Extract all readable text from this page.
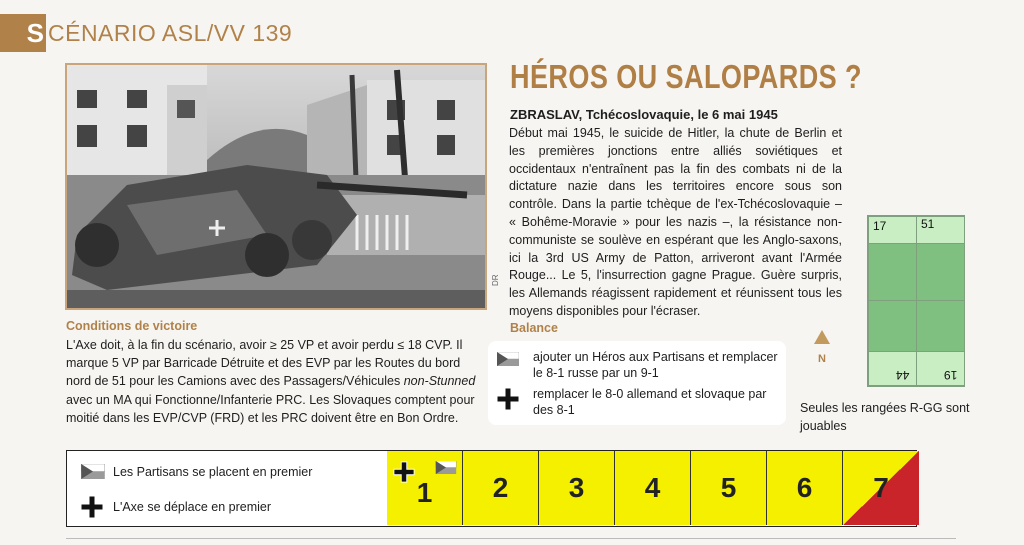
S CÉNARIO ASL/VV 139
DR
HÉROS OU SALOPARDS ?
ZBRASLAV, Tchécoslovaquie, le 6 mai 1945
Début mai 1945, le suicide de Hitler, la chute de Berlin et les premières jonctions entre alliés soviétiques et occidentaux n'entraînent pas la fin des combats ni de la dictature nazie dans les territoires encore sous son contrôle. Dans la partie tchèque de l'ex-Tchécoslovaquie – « Bohême-Moravie » pour les nazis –, la résistance non-communiste se soulève en espérant que les Anglo-saxons, ici la 3rd US Army de Patton, arriveront avant l'Armée Rouge... Le 5, l'insurrection gagne Prague. Guère surpris, les Allemands réagissent rapidement et réunissent tous les moyens disponibles pour l'écraser.
17	51
44	19
N
Seules les rangées R-GG sont jouables
Conditions de victoire
L'Axe doit, à la fin du scénario, avoir ≥ 25 VP et avoir perdu ≤ 18 CVP. Il marque 5 VP par Barricade Détruite et des EVP par les Routes du bord nord de 51 pour les Camions avec des Passagers/Véhicules non-Stunned avec un MA qui Fonctionne/Infanterie PRC. Les Slovaques comptent pour moitié dans les EVP/CVP (FRD) et les PRC doivent être en Bon Ordre.
Balance
ajouter un Héros aux Partisans et remplacer le 8-1 russe par un 9-1
remplacer le 8-0 allemand et slovaque par des 8-1
Les Partisans se placent en premier
L'Axe se déplace en premier	1 2 3 4 5 6 7
